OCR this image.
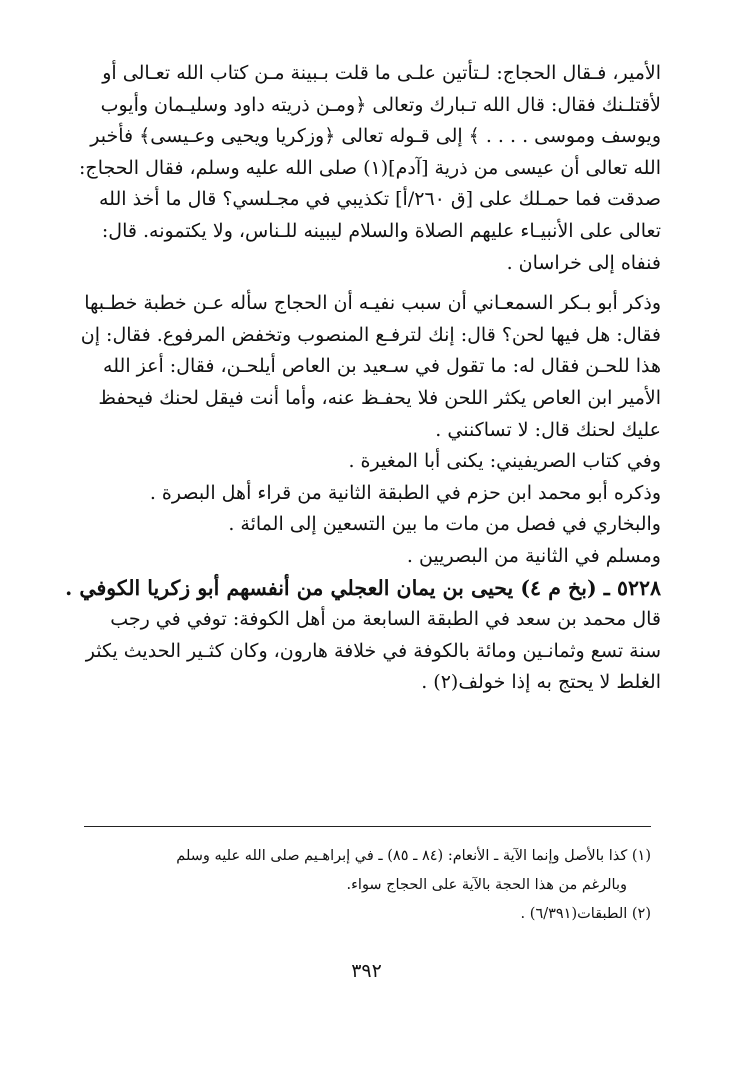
الأمير، فـقال الحجاج: لـتأتين علـى ما قلت بـبينة مـن كتاب الله تعـالى أو

لأقتلـنك فقال: قال الله تـبارك وتعالى ﴿ومـن ذريته داود وسليـمان وأيوب

ويوسف وموسى . . . . ﴾ إلى قـوله تعالى ﴿وزكريا ويحيى وعـيسى﴾ فأخبر

الله تعالى أن عيسى من ذرية [آدم](١) صلى الله عليه وسلم، فقال الحجاج:

صدقت فما حمـلك على [ق ٢٦٠/أ] تكذيبي في مجـلسي؟ قال ما أخذ الله

تعالى على الأنبيـاء عليهم الصلاة والسلام ليبينه للـناس، ولا يكتمونه. قال:

فنفاه إلى خراسان .

وذكر أبو بـكر السمعـاني أن سبب نفيـه أن الحجاج سأله عـن خطبة خطـبها

فقال: هل فيها لحن؟ قال: إنك لترفـع المنصوب وتخفض المرفوع. فقال: إن

هذا للحـن فقال له: ما تقول في سـعيد بن العاص أيلحـن، فقال: أعز الله

الأمير ابن العاص يكثر اللحن فلا يحفـظ عنه، وأما أنت فيقل لحنك فيحفظ

عليك لحنك قال: لا تساكنني .

وفي كتاب الصريفيني: يكنى أبا المغيرة .

وذكره أبو محمد ابن حزم في الطبقة الثانية من قراء أهل البصرة .

والبخاري في فصل من مات ما بين التسعين إلى المائة .

ومسلم في الثانية من البصريين .

٥٢٢٨ ـ (بخ م ٤) يحيى بن يمان العجلي من أنفسهم أبو زكريا الكوفي .

قال محمد بن سعد في الطبقة السابعة من أهل الكوفة: توفي في رجب

سنة تسع وثمانـين ومائة بالكوفة في خلافة هارون، وكان كثـير الحديث يكثر

الغلط لا يحتج به إذا خولف(٢) .

(١) كذا بالأصل وإنما الآية ـ الأنعام: (٨٤ ـ ٨٥) ـ في إبراهـيم صلى الله عليه وسلم

وبالرغم من هذا الحجة بالآية على الحجاج سواء.

(٢) الطبقات(٦/٣٩١) .

٣٩٢
